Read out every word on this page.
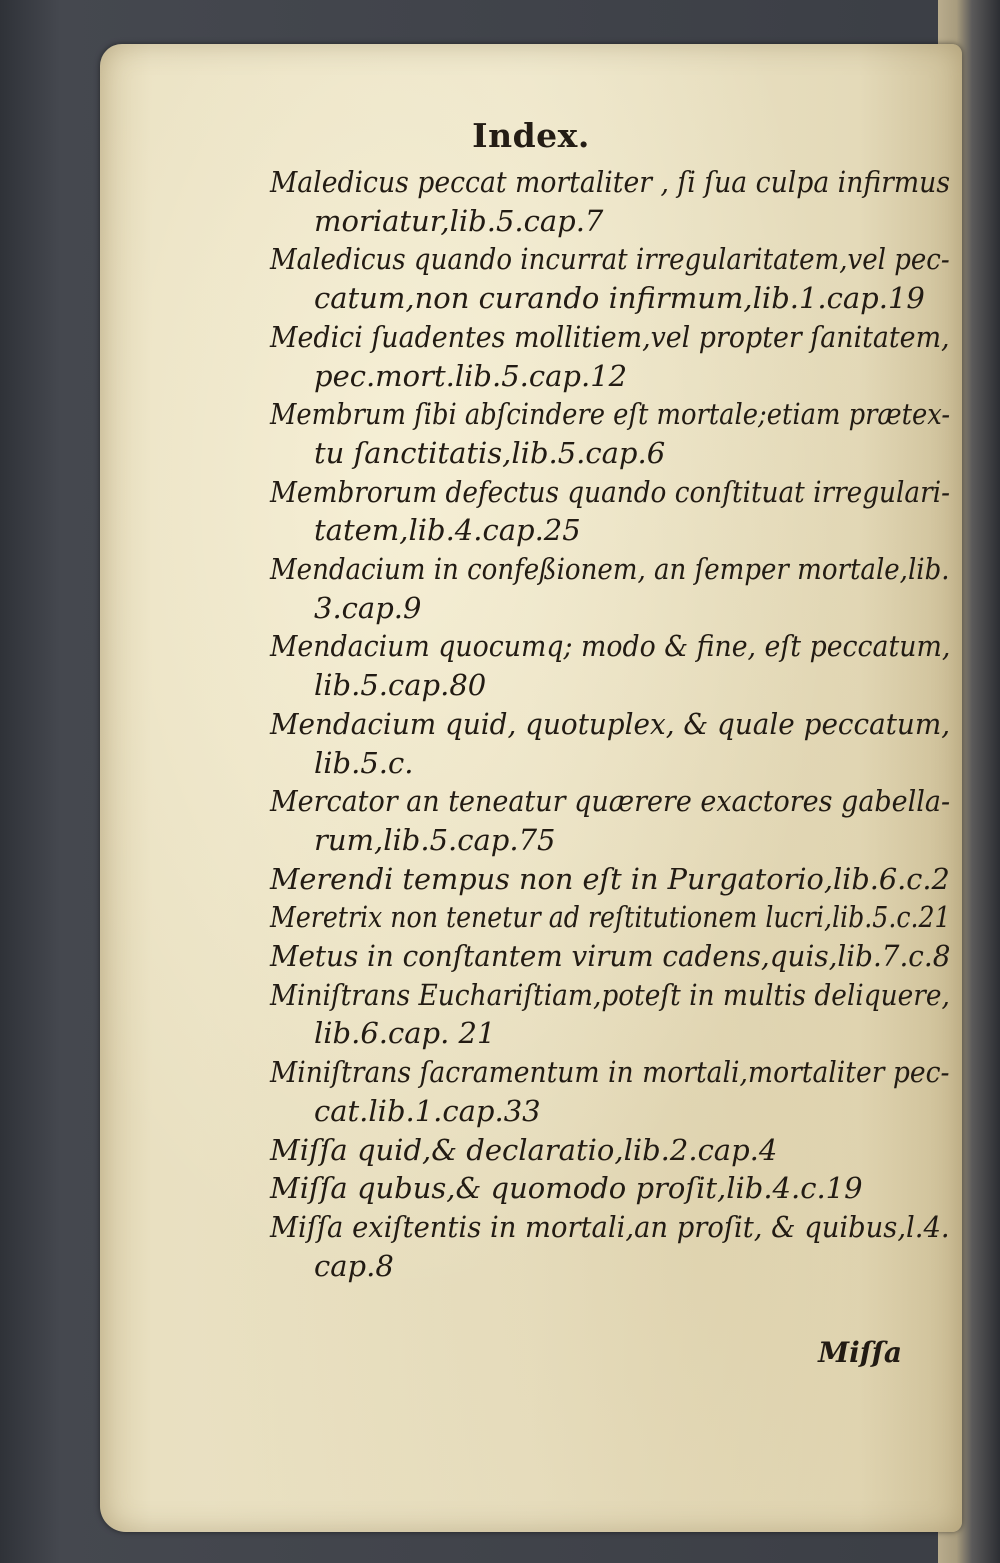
Index.
Maledicus peccat mortaliter , ſi ſua culpa infirmus
moriatur,lib.5.cap.7
Maledicus quando incurrat irregularitatem,vel pec-
catum,non curando infirmum,lib.1.cap.19
Medici ſuadentes mollitiem,vel propter ſanitatem,
pec.mort.lib.5.cap.12
Membrum ſibi abſcindere eſt mortale;etiam prætex-
tu ſanctitatis,lib.5.cap.6
Membrorum defectus quando conſtituat irregulari-
tatem,lib.4.cap.25
Mendacium in confeßionem, an ſemper mortale,lib.
3.cap.9
Mendacium quocumq; modo & fine, eſt peccatum,
lib.5.cap.80
Mendacium quid, quotuplex, & quale peccatum,
lib.5.c.
Mercator an teneatur quærere exactores gabella-
rum,lib.5.cap.75
Merendi tempus non eſt in Purgatorio,lib.6.c.2
Meretrix non tenetur ad reſtitutionem lucri,lib.5.c.21
Metus in conſtantem virum cadens,quis,lib.7.c.8
Miniſtrans Euchariſtiam,poteſt in multis deliquere,
lib.6.cap. 21
Miniſtrans ſacramentum in mortali,mortaliter pec-
cat.lib.1.cap.33
Miſſa quid,& declaratio,lib.2.cap.4
Miſſa qubus,& quomodo proſit,lib.4.c.19
Miſſa exiſtentis in mortali,an proſit, & quibus,l.4.
cap.8
Miſſa
